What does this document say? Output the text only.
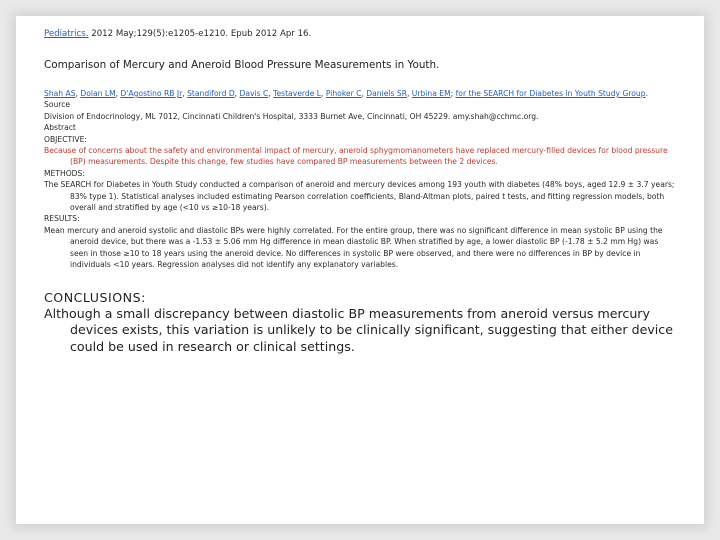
Pediatrics. 2012 May;129(5):e1205-e1210. Epub 2012 Apr 16.

Comparison of Mercury and Aneroid Blood Pressure Measurements in Youth.

Shah AS, Dolan LM, D'Agostino RB Jr, Standiford D, Davis C, Testaverde L, Pihoker C, Daniels SR, Urbina EM; for the SEARCH for Diabetes in Youth Study Group.

Source

Division of Endocrinology, ML 7012, Cincinnati Children's Hospital, 3333 Burnet Ave, Cincinnati, OH 45229. amy.shah@cchmc.org.

Abstract

OBJECTIVE:

Because of concerns about the safety and environmental impact of mercury, aneroid sphygmomanometers have replaced mercury-filled devices for blood pressure (BP) measurements. Despite this change, few studies have compared BP measurements between the 2 devices.

METHODS:

The SEARCH for Diabetes in Youth Study conducted a comparison of aneroid and mercury devices among 193 youth with diabetes (48% boys, aged 12.9 ± 3.7 years; 83% type 1). Statistical analyses included estimating Pearson correlation coefficients, Bland-Altman plots, paired t tests, and fitting regression models, both overall and stratified by age (<10 vs ≥10-18 years).

RESULTS:

Mean mercury and aneroid systolic and diastolic BPs were highly correlated. For the entire group, there was no significant difference in mean systolic BP using the aneroid device, but there was a -1.53 ± 5.06 mm Hg difference in mean diastolic BP. When stratified by age, a lower diastolic BP (-1.78 ± 5.2 mm Hg) was seen in those ≥10 to 18 years using the aneroid device. No differences in systolic BP were observed, and there were no differences in BP by device in individuals <10 years. Regression analyses did not identify any explanatory variables.

CONCLUSIONS:

Although a small discrepancy between diastolic BP measurements from aneroid versus mercury devices exists, this variation is unlikely to be clinically significant, suggesting that either device could be used in research or clinical settings.
